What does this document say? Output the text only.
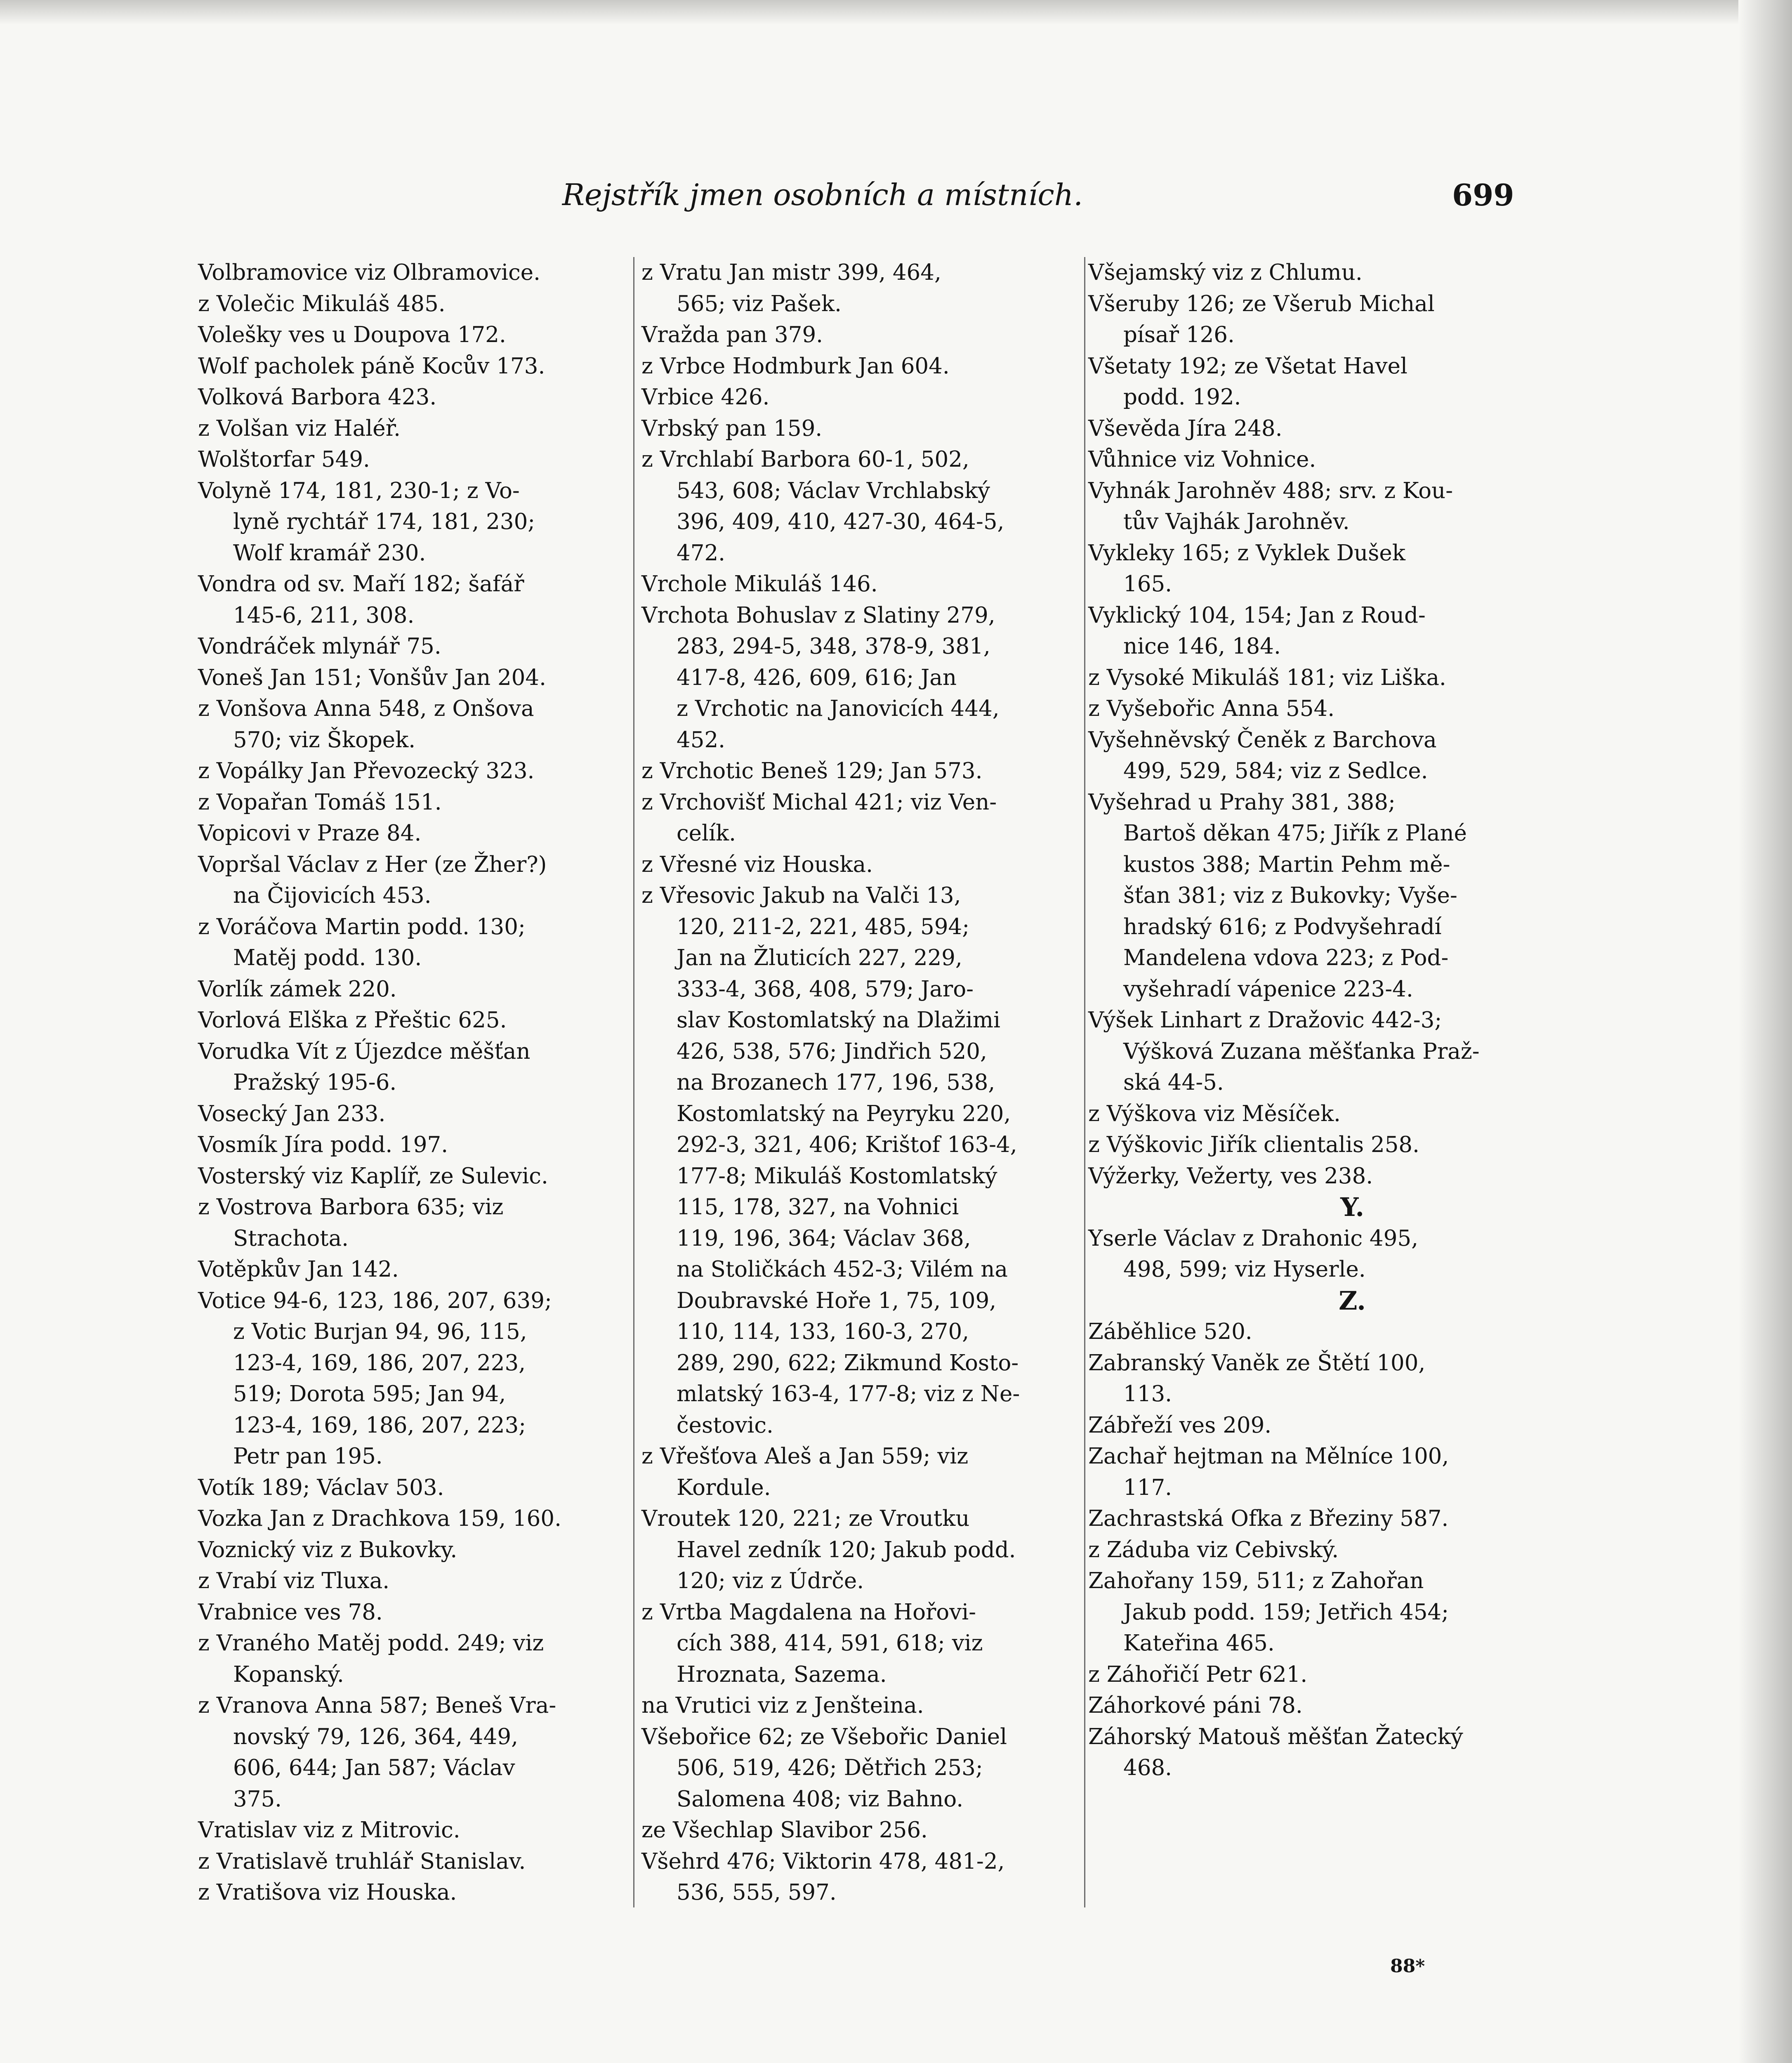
Rejstřík jmen osobních a místních.	699
Volbramovice viz Olbramovice.
z Volečic Mikuláš 485.
Volešky ves u Doupova 172.
Wolf pacholek páně Kocův 173.
Volková Barbora 423.
z Volšan viz Haléř.
Wolštorfar 549.
Volyně 174, 181, 230-1; z Vo-
lyně rychtář 174, 181, 230;
Wolf kramář 230.
Vondra od sv. Maří 182; šafář
145-6, 211, 308.
Vondráček mlynář 75.
Voneš Jan 151; Vonšův Jan 204.
z Vonšova Anna 548, z Onšova
570; viz Škopek.
z Vopálky Jan Převozecký 323.
z Vopařan Tomáš 151.
Vopicovi v Praze 84.
Vopršal Václav z Her (ze Žher?)
na Čijovicích 453.
z Voráčova Martin podd. 130;
Matěj podd. 130.
Vorlík zámek 220.
Vorlová Elška z Přeštic 625.
Vorudka Vít z Újezdce měšťan
Pražský 195-6.
Vosecký Jan 233.
Vosmík Jíra podd. 197.
Vosterský viz Kaplíř, ze Sulevic.
z Vostrova Barbora 635; viz
Strachota.
Votěpkův Jan 142.
Votice 94-6, 123, 186, 207, 639;
z Votic Burjan 94, 96, 115,
123-4, 169, 186, 207, 223,
519; Dorota 595; Jan 94,
123-4, 169, 186, 207, 223;
Petr pan 195.
Votík 189; Václav 503.
Vozka Jan z Drachkova 159, 160.
Voznický viz z Bukovky.
z Vrabí viz Tluxa.
Vrabnice ves 78.
z Vraného Matěj podd. 249; viz
Kopanský.
z Vranova Anna 587; Beneš Vra-
novský 79, 126, 364, 449,
606, 644; Jan 587; Václav
375.
Vratislav viz z Mitrovic.
z Vratislavě truhlář Stanislav.
z Vratišova viz Houska.
z Vratu Jan mistr 399, 464,
565; viz Pašek.
Vražda pan 379.
z Vrbce Hodmburk Jan 604.
Vrbice 426.
Vrbský pan 159.
z Vrchlabí Barbora 60-1, 502,
543, 608; Václav Vrchlabský
396, 409, 410, 427-30, 464-5,
472.
Vrchole Mikuláš 146.
Vrchota Bohuslav z Slatiny 279,
283, 294-5, 348, 378-9, 381,
417-8, 426, 609, 616; Jan
z Vrchotic na Janovicích 444,
452.
z Vrchotic Beneš 129; Jan 573.
z Vrchovišť Michal 421; viz Ven-
celík.
z Vřesné viz Houska.
z Vřesovic Jakub na Valči 13,
120, 211-2, 221, 485, 594;
Jan na Žluticích 227, 229,
333-4, 368, 408, 579; Jaro-
slav Kostomlatský na Dlažimi
426, 538, 576; Jindřich 520,
na Brozanech 177, 196, 538,
Kostomlatský na Peyryku 220,
292-3, 321, 406; Krištof 163-4,
177-8; Mikuláš Kostomlatský
115, 178, 327, na Vohnici
119, 196, 364; Václav 368,
na Stoličkách 452-3; Vilém na
Doubravské Hoře 1, 75, 109,
110, 114, 133, 160-3, 270,
289, 290, 622; Zikmund Kosto-
mlatský 163-4, 177-8; viz z Ne-
čestovic.
z Vřešťova Aleš a Jan 559; viz
Kordule.
Vroutek 120, 221; ze Vroutku
Havel zedník 120; Jakub podd.
120; viz z Údrče.
z Vrtba Magdalena na Hořovi-
cích 388, 414, 591, 618; viz
Hroznata, Sazema.
na Vrutici viz z Jenšteina.
Všebořice 62; ze Všebořic Daniel
506, 519, 426; Dětřich 253;
Salomena 408; viz Bahno.
ze Všechlap Slavibor 256.
Všehrd 476; Viktorin 478, 481-2,
536, 555, 597.
Všejamský viz z Chlumu.
Všeruby 126; ze Všerub Michal
písař 126.
Všetaty 192; ze Všetat Havel
podd. 192.
Vševěda Jíra 248.
Vůhnice viz Vohnice.
Vyhnák Jarohněv 488; srv. z Kou-
tův Vajhák Jarohněv.
Vykleky 165; z Vyklek Dušek
165.
Vyklický 104, 154; Jan z Roud-
nice 146, 184.
z Vysoké Mikuláš 181; viz Liška.
z Vyšebořic Anna 554.
Vyšehněvský Čeněk z Barchova
499, 529, 584; viz z Sedlce.
Vyšehrad u Prahy 381, 388;
Bartoš děkan 475; Jiřík z Plané
kustos 388; Martin Pehm mě-
šťan 381; viz z Bukovky; Vyše-
hradský 616; z Podvyšehradí
Mandelena vdova 223; z Pod-
vyšehradí vápenice 223-4.
Výšek Linhart z Dražovic 442-3;
Výšková Zuzana měšťanka Praž-
ská 44-5.
z Výškova viz Měsíček.
z Výškovic Jiřík clientalis 258.
Výžerky, Vežerty, ves 238.
Y.
Yserle Václav z Drahonic 495,
498, 599; viz Hyserle.
Z.
Záběhlice 520.
Zabranský Vaněk ze Štětí 100,
113.
Zábřeží ves 209.
Zachař hejtman na Mělníce 100,
117.
Zachrastská Ofka z Březiny 587.
z Záduba viz Cebivský.
Zahořany 159, 511; z Zahořan
Jakub podd. 159; Jetřich 454;
Kateřina 465.
z Záhořičí Petr 621.
Záhorkové páni 78.
Záhorský Matouš měšťan Žatecký
468.
88*
